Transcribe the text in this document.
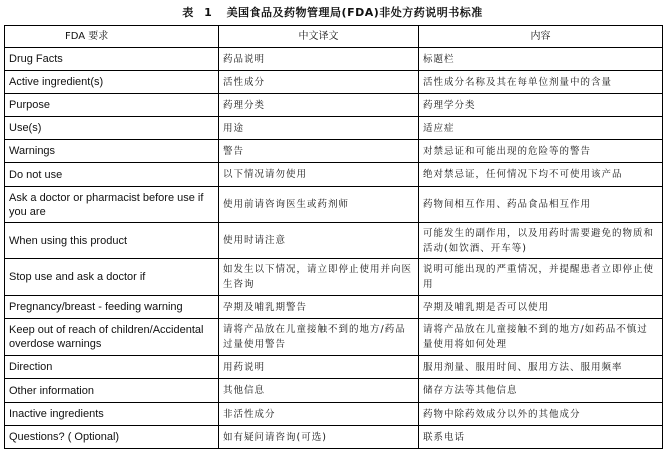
表 1 美国食品及药物管理局(FDA)非处方药说明书标准
FDA 要求	中文译文	内容
Drug Facts	药品说明	标题栏
Active ingredient(s)	活性成分	活性成分名称及其在每单位剂量中的含量
Purpose	药理分类	药理学分类
Use(s)	用途	适应症
Warnings	警告	对禁忌证和可能出现的危险等的警告
Do not use	以下情况请勿使用	绝对禁忌证，任何情况下均不可使用该产品
Ask a doctor or pharmacist before use if you are	使用前请咨询医生或药剂师	药物间相互作用、药品食品相互作用
When using this product	使用时请注意	可能发生的副作用，以及用药时需要避免的物质和活动(如饮酒、开车等)
Stop use and ask a doctor if	如发生以下情况，请立即停止使用并向医生咨询	说明可能出现的严重情况，并提醒患者立即停止使用
Pregnancy/breast - feeding warning	孕期及哺乳期警告	孕期及哺乳期是否可以使用
Keep out of reach of children/Accidental overdose warnings	请将产品放在儿童接触不到的地方/药品过量使用警告	请将产品放在儿童接触不到的地方/如药品不慎过量使用将如何处理
Direction	用药说明	服用剂量、服用时间、服用方法、服用频率
Other information	其他信息	储存方法等其他信息
Inactive ingredients	非活性成分	药物中除药效成分以外的其他成分
Questions? ( Optional)	如有疑问请咨询(可选)	联系电话
